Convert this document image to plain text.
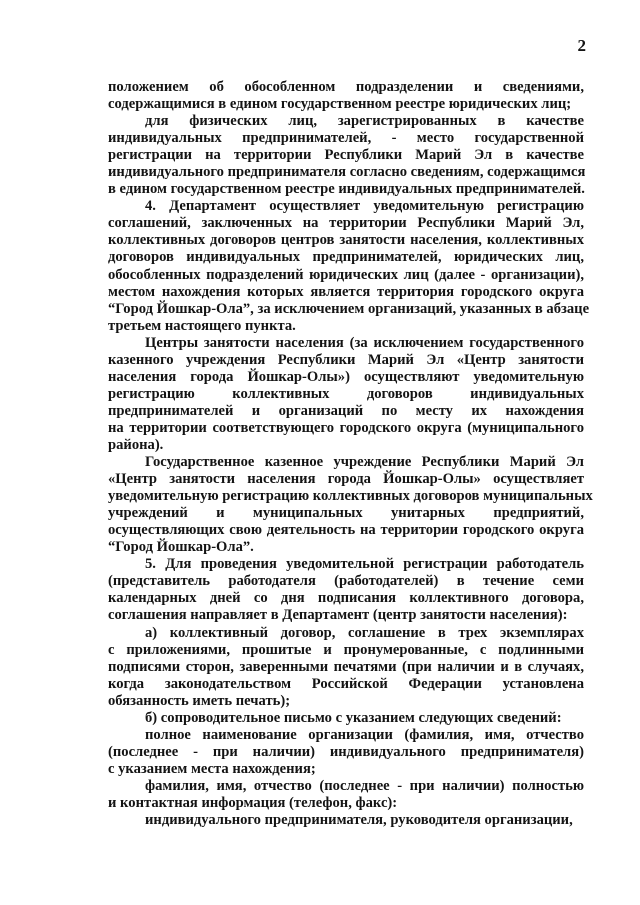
2
положением об обособленном подразделении и сведениями,
содержащимися в едином государственном реестре юридических лиц;
для физических лиц, зарегистрированных в качестве
индивидуальных предпринимателей, - место государственной
регистрации на территории Республики Марий Эл в качестве
индивидуального предпринимателя согласно сведениям, содержащимся
в едином государственном реестре индивидуальных предпринимателей.
4. Департамент осуществляет уведомительную регистрацию
соглашений, заключенных на территории Республики Марий Эл,
коллективных договоров центров занятости населения, коллективных
договоров индивидуальных предпринимателей, юридических лиц,
обособленных подразделений юридических лиц (далее - организации),
местом нахождения которых является территория городского округа
“Город Йошкар-Ола”, за исключением организаций, указанных в абзаце
третьем настоящего пункта.
Центры занятости населения (за исключением государственного
казенного учреждения Республики Марий Эл «Центр занятости
населения города Йошкар-Олы») осуществляют уведомительную
регистрацию коллективных договоров индивидуальных
предпринимателей и организаций по месту их нахождения
на территории соответствующего городского округа (муниципального
района).
Государственное казенное учреждение Республики Марий Эл
«Центр занятости населения города Йошкар-Олы» осуществляет
уведомительную регистрацию коллективных договоров муниципальных
учреждений и муниципальных унитарных предприятий,
осуществляющих свою деятельность на территории городского округа
“Город Йошкар-Ола”.
5. Для проведения уведомительной регистрации работодатель
(представитель работодателя (работодателей) в течение семи
календарных дней со дня подписания коллективного договора,
соглашения направляет в Департамент (центр занятости населения):
а) коллективный договор, соглашение в трех экземплярах
с приложениями, прошитые и пронумерованные, с подлинными
подписями сторон, заверенными печатями (при наличии и в случаях,
когда законодательством Российской Федерации установлена
обязанность иметь печать);
б) сопроводительное письмо с указанием следующих сведений:
полное наименование организации (фамилия, имя, отчество
(последнее - при наличии) индивидуального предпринимателя)
с указанием места нахождения;
фамилия, имя, отчество (последнее - при наличии) полностью
и контактная информация (телефон, факс):
индивидуального предпринимателя, руководителя организации,
